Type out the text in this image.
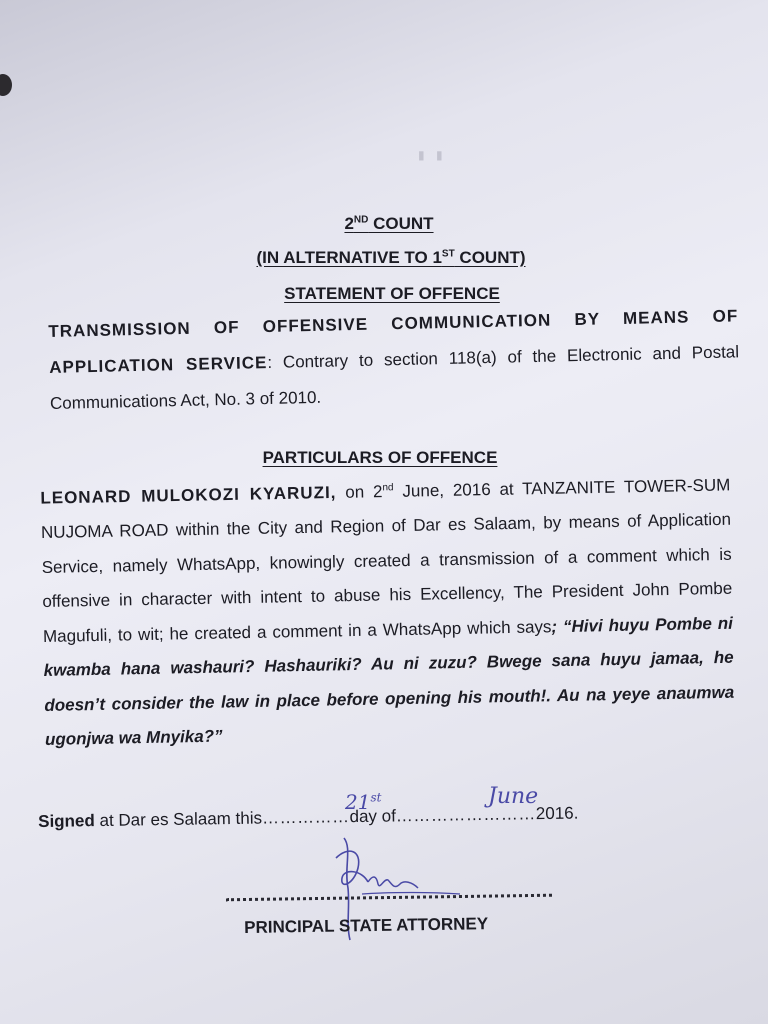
▮ ▮
2ND COUNT
(IN ALTERNATIVE TO 1ST COUNT)
STATEMENT OF OFFENCE

TRANSMISSION OF OFFENSIVE COMMUNICATION BY MEANS OF APPLICATION SERVICE: Contrary to section 118(a) of the Electronic and Postal Communications Act, No. 3 of 2010.

PARTICULARS OF OFFENCE

LEONARD MULOKOZI KYARUZI, on 2nd June, 2016 at TANZANITE TOWER-SUM NUJOMA ROAD within the City and Region of Dar es Salaam, by means of Application Service, namely WhatsApp, knowingly created a transmission of a comment which is offensive in character with intent to abuse his Excellency, The President John Pombe Magufuli, to wit; he created a comment in a WhatsApp which says; “Hivi huyu Pombe ni kwamba hana washauri? Hashauriki? Au ni zuzu? Bwege sana huyu jamaa, he doesn’t consider the law in place before opening his mouth!. Au na yeye anaumwa ugonjwa wa Mnyika?”

Signed at Dar es Salaam this……………day of……………………2016.

21st	June

PRINCIPAL STATE ATTORNEY
